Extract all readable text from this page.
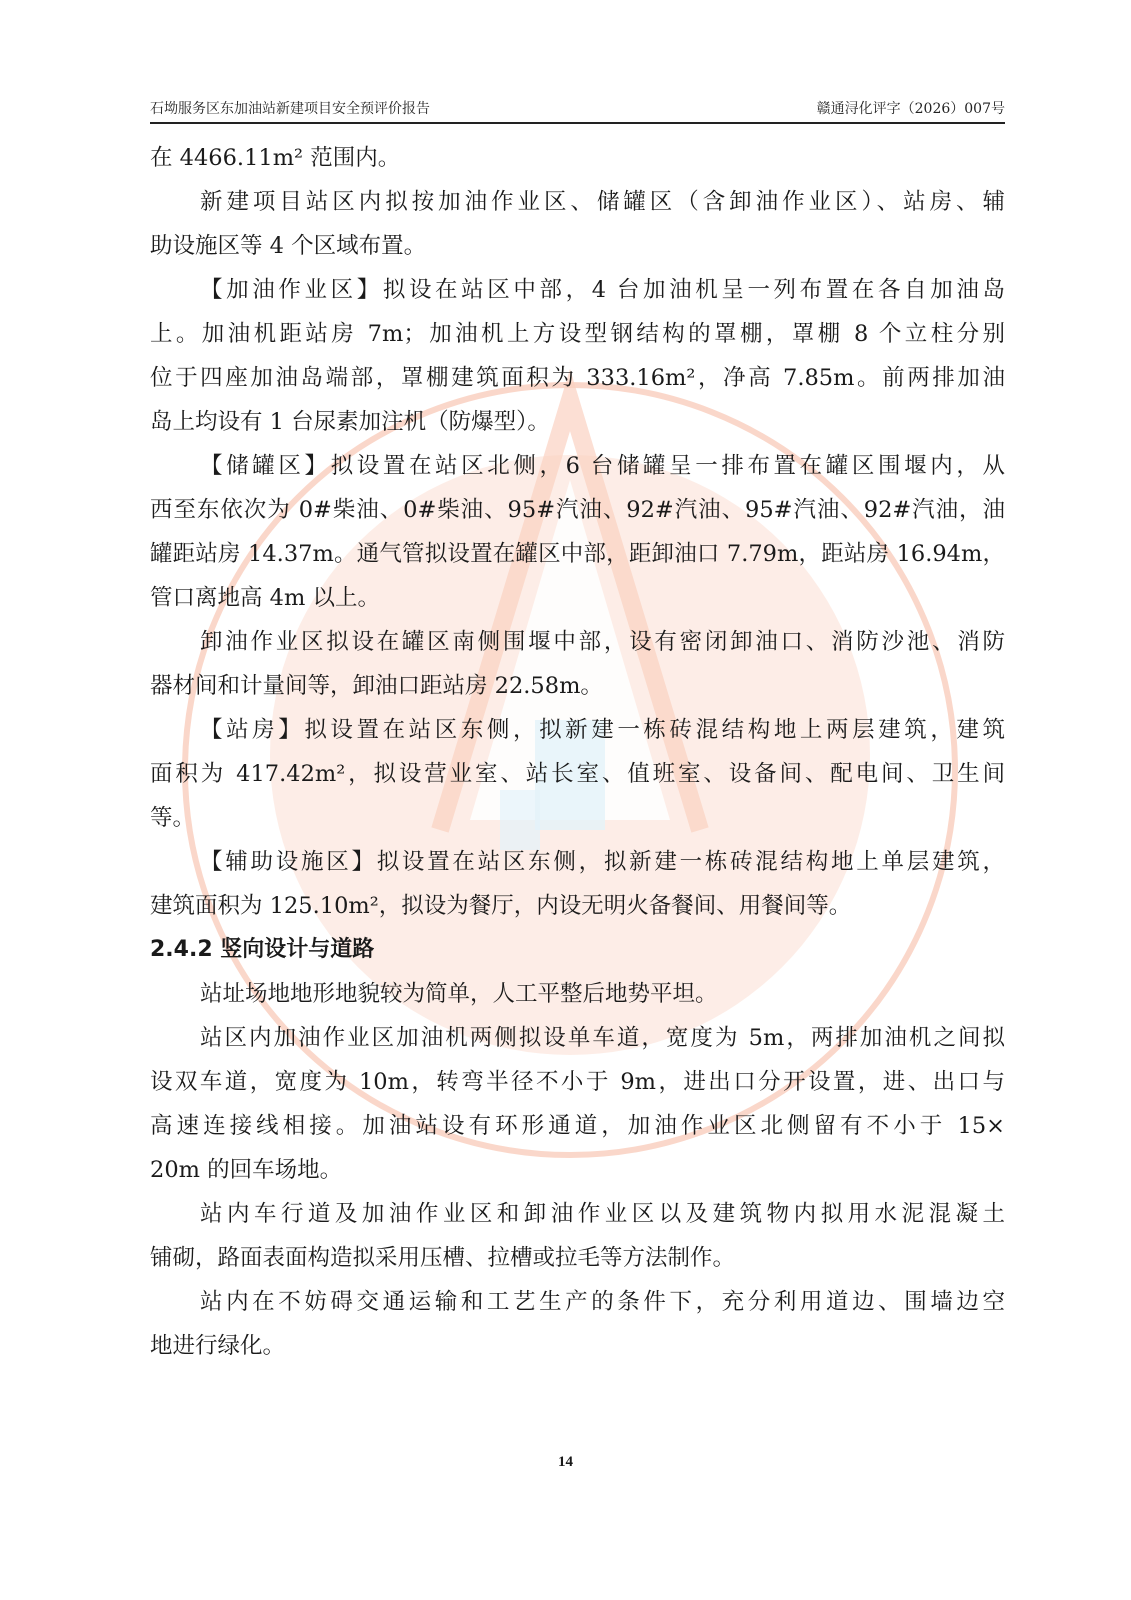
石坳服务区东加油站新建项目安全预评价报告	赣通浔化评字（2026）007号
在 4466.11m² 范围内。
新建项目站区内拟按加油作业区、储罐区（含卸油作业区）、站房、辅
助设施区等 4 个区域布置。
【加油作业区】拟设在站区中部，4 台加油机呈一列布置在各自加油岛
上。加油机距站房 7m；加油机上方设型钢结构的罩棚，罩棚 8 个立柱分别
位于四座加油岛端部，罩棚建筑面积为 333.16m²，净高 7.85m。前两排加油
岛上均设有 1 台尿素加注机（防爆型）。
【储罐区】拟设置在站区北侧，6 台储罐呈一排布置在罐区围堰内，从
西至东依次为 0#柴油、0#柴油、95#汽油、92#汽油、95#汽油、92#汽油，油
罐距站房 14.37m。通气管拟设置在罐区中部，距卸油口 7.79m，距站房 16.94m，
管口离地高 4m 以上。
卸油作业区拟设在罐区南侧围堰中部，设有密闭卸油口、消防沙池、消防
器材间和计量间等，卸油口距站房 22.58m。
【站房】拟设置在站区东侧，拟新建一栋砖混结构地上两层建筑，建筑
面积为 417.42m²，拟设营业室、站长室、值班室、设备间、配电间、卫生间
等。
【辅助设施区】拟设置在站区东侧，拟新建一栋砖混结构地上单层建筑，
建筑面积为 125.10m²，拟设为餐厅，内设无明火备餐间、用餐间等。
2.4.2 竖向设计与道路
站址场地地形地貌较为简单，人工平整后地势平坦。
站区内加油作业区加油机两侧拟设单车道，宽度为 5m，两排加油机之间拟
设双车道，宽度为 10m，转弯半径不小于 9m，进出口分开设置，进、出口与
高速连接线相接。加油站设有环形通道，加油作业区北侧留有不小于 15×
20m 的回车场地。
站内车行道及加油作业区和卸油作业区以及建筑物内拟用水泥混凝土
铺砌，路面表面构造拟采用压槽、拉槽或拉毛等方法制作。
站内在不妨碍交通运输和工艺生产的条件下，充分利用道边、围墙边空
地进行绿化。
14
